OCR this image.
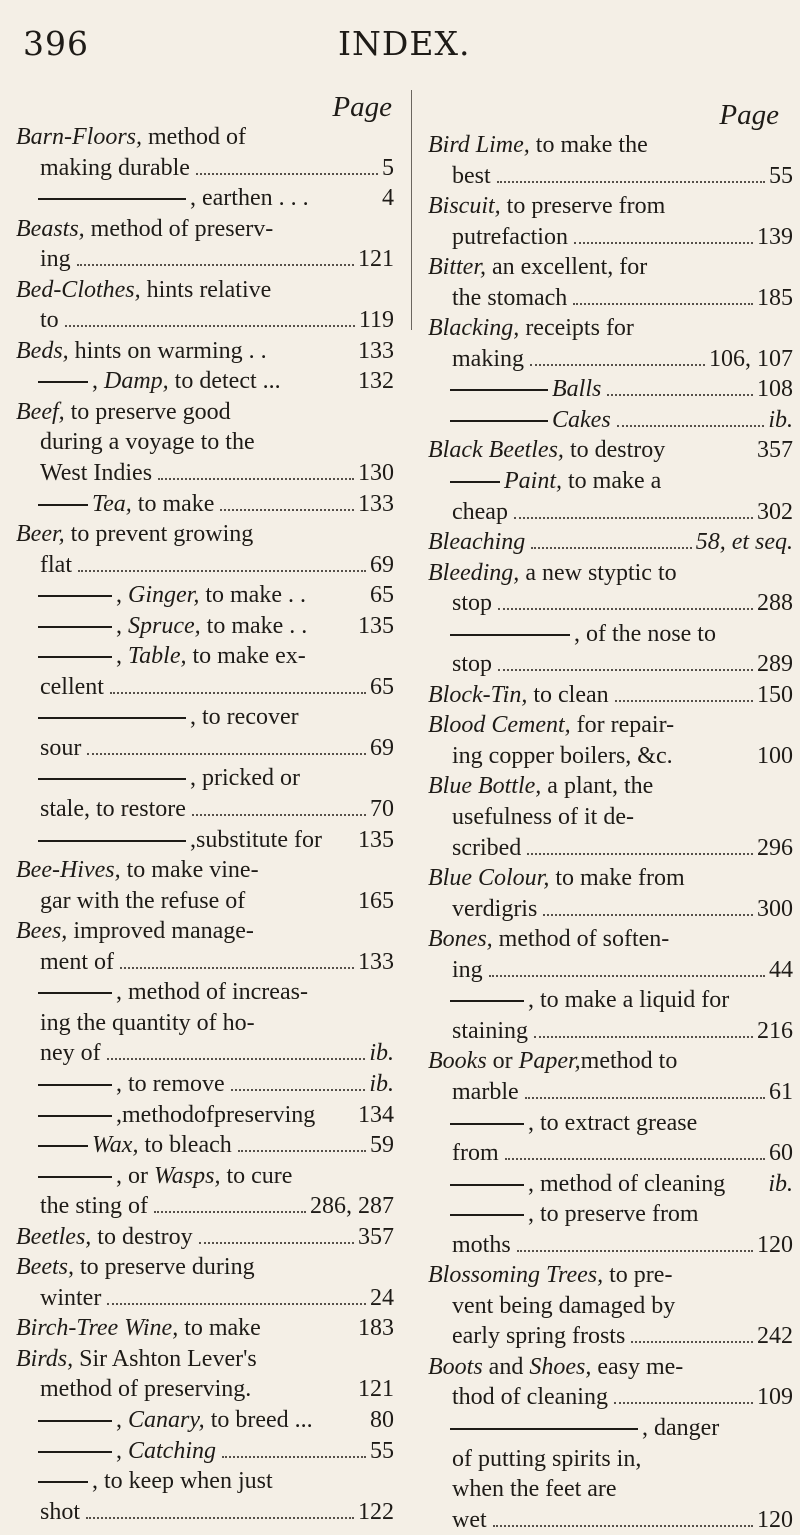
396	INDEX.
Page
Barn-Floors, method of
making durable	5
, earthen . . .	4
Beasts, method of preserv-
ing	121
Bed-Clothes, hints relative
to	119
Beds, hints on warming . .	133
, Damp, to detect ...	132
Beef, to preserve good
during a voyage to the
West Indies	130
Tea, to make	133
Beer, to prevent growing
flat	69
, Ginger, to make . .	65
, Spruce, to make . . 135
, Table, to make ex-
cellent	65
, to recover
sour	69
, pricked or
stale, to restore	70
,substitute for 135
Bee-Hives, to make vine-
gar with the refuse of	165
Bees, improved manage-
ment of	133
, method of increas-
ing the quantity of ho-
ney of	ib.
, to remove	ib.
,methodofpreserving 134
Wax, to bleach	59
, or Wasps, to cure
the sting of	286, 287
Beetles, to destroy	357
Beets, to preserve during
winter	24
Birch-Tree Wine, to make	183
Birds, Sir Ashton Lever's
method of preserving.	121
, Canary, to breed ... 80
, Catching	55
, to keep when just
shot	122
Page
Bird Lime, to make the
best	55
Biscuit, to preserve from
putrefaction	139
Bitter, an excellent, for
the stomach	185
Blacking, receipts for
making	106, 107
Balls	108
Cakes	ib.
Black Beetles, to destroy	357
Paint, to make a
cheap	302
Bleaching	58, et seq.
Bleeding, a new styptic to
stop	288
, of the nose to
stop	289
Block-Tin, to clean	150
Blood Cement, for repair-
ing copper boilers, &c.	100
Blue Bottle, a plant, the
usefulness of it de-
scribed	296
Blue Colour, to make from
verdigris	300
Bones, method of soften-
ing	44
, to make a liquid for
staining	216
Books or Paper, method to
marble	61
, to extract grease
from	60
, method of cleaning ib.
, to preserve from
moths	120
Blossoming Trees, to pre-
vent being damaged by
early spring frosts	242
Boots and Shoes, easy me-
thod of cleaning	109
, danger
of putting spirits in,
when the feet are
wet	120
